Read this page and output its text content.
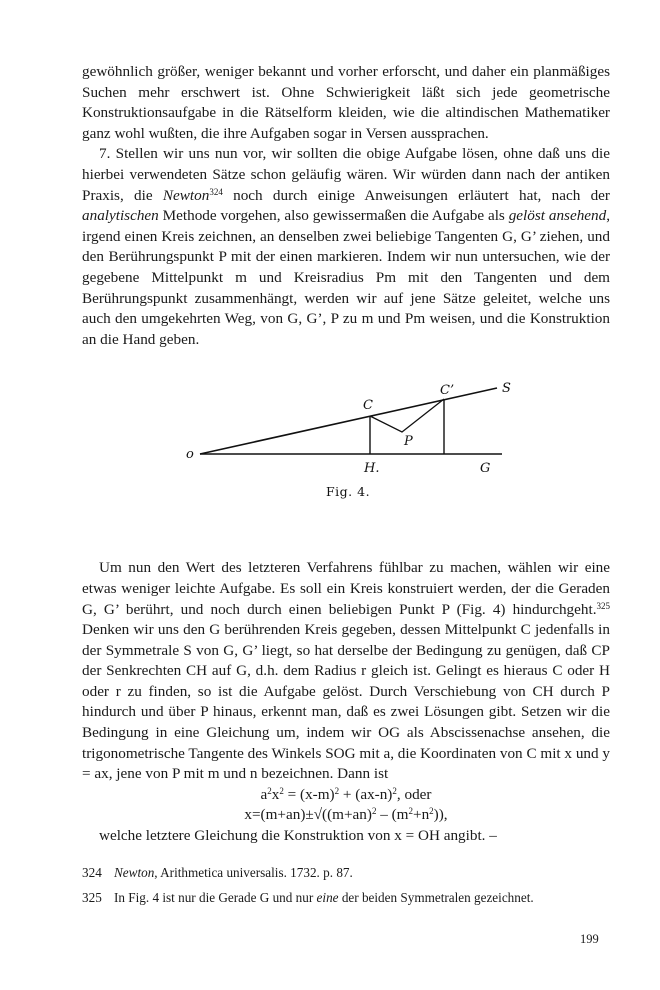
gewöhnlich größer, weniger bekannt und vorher erforscht, und daher ein planmäßiges Suchen mehr erschwert ist. Ohne Schwierigkeit läßt sich jede geometrische Konstruktionsaufgabe in die Rätselform kleiden, wie die altindischen Mathematiker ganz wohl wußten, die ihre Aufgaben sogar in Versen aussprachen.

7. Stellen wir uns nun vor, wir sollten die obige Aufgabe lösen, ohne daß uns die hierbei verwendeten Sätze schon geläufig wären. Wir würden dann nach der antiken Praxis, die Newton$^{324}$ noch durch einige Anweisungen erläutert hat, nach der analytischen Methode vorgehen, also gewissermaßen die Aufgabe als gelöst ansehend, irgend einen Kreis zeichnen, an denselben zwei beliebige Tangenten G, G’ ziehen, und den Berührungspunkt P mit der einen markieren. Indem wir nun untersuchen, wie der gegebene Mittelpunkt m und Kreisradius Pm mit den Tangenten und dem Berührungspunkt zusammenhängt, werden wir auf jene Sätze geleitet, welche uns auch den umgekehrten Weg, von G, G’, P zu m und Pm weisen, und die Konstruktion an die Hand geben.

o
C
C’	S
P
H.	G
Fig. 4.

Um nun den Wert des letzteren Verfahrens fühlbar zu machen, wählen wir eine etwas weniger leichte Aufgabe. Es soll ein Kreis konstruiert werden, der die Geraden G, G’ berührt, und noch durch einen beliebigen Punkt P (Fig. 4) hindurchgeht.$^{325}$ Denken wir uns den G berührenden Kreis gegeben, dessen Mittelpunkt C jedenfalls in der Symmetrale S von G, G’ liegt, so hat derselbe der Bedingung zu genügen, daß CP der Senkrechten CH auf G, d.h. dem Radius r gleich ist. Gelingt es hieraus C oder H oder r zu finden, so ist die Aufgabe gelöst. Durch Verschiebung von CH durch P hindurch und über P hinaus, erkennt man, daß es zwei Lösungen gibt. Setzen wir die Bedingung in eine Gleichung um, indem wir OG als Abscissenachse ansehen, die trigonometrische Tangente des Winkels SOG mit a, die Koordinaten von C mit x und y = ax, jene von P mit m und n bezeichnen. Dann ist

$a^2x^2 = (x-m)^2 + (ax-n)^2$, oder
$x=(m+an)\pm√((m+an)^2 - (m^2+n^2))$,

welche letztere Gleichung die Konstruktion von x = OH angibt. –

324 Newton, Arithmetica universalis. 1732. p. 87.
325 In Fig. 4 ist nur die Gerade G und nur eine der beiden Symmetralen gezeichnet.
199
